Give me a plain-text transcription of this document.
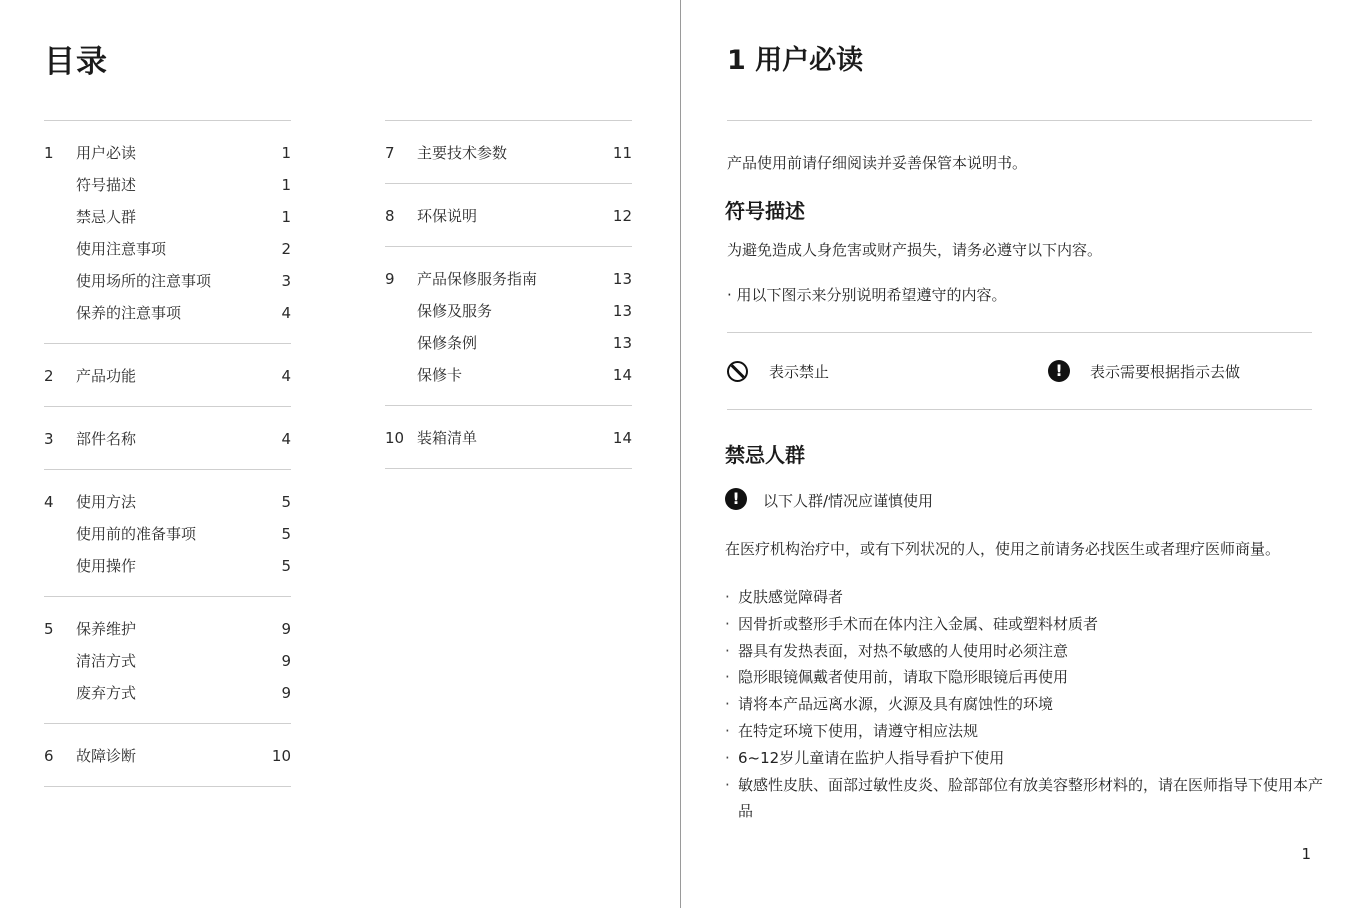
目录
1 用户必读	1
符号描述	1
禁忌人群	1
使用注意事项	2
使用场所的注意事项	3
保养的注意事项	4
2 产品功能	4
3 部件名称	4
4 使用方法	5
使用前的准备事项	5
使用操作	5
5 保养维护	9
清洁方式	9
废弃方式	9
6 故障诊断	10
7 主要技术参数	11
8 环保说明	12
9 产品保修服务指南	13
保修及服务	13
保修条例	13
保修卡	14
10 装箱清单	14
1 用户必读
产品使用前请仔细阅读并妥善保管本说明书。
符号描述
为避免造成人身危害或财产损失，请务必遵守以下内容。
· 用以下图示来分别说明希望遵守的内容。
表示禁止	!	表示需要根据指示去做
禁忌人群
!	以下人群/情况应谨慎使用
在医疗机构治疗中，或有下列状况的人，使用之前请务必找医生或者理疗医师商量。
· 皮肤感觉障碍者
· 因骨折或整形手术而在体内注入金属、硅或塑料材质者
· 器具有发热表面，对热不敏感的人使用时必须注意
· 隐形眼镜佩戴者使用前，请取下隐形眼镜后再使用
· 请将本产品远离水源，火源及具有腐蚀性的环境
· 在特定环境下使用，请遵守相应法规
· 6~12岁儿童请在监护人指导看护下使用
· 敏感性皮肤、面部过敏性皮炎、脸部部位有放美容整形材料的，请在医师指导下使用本产品
1
